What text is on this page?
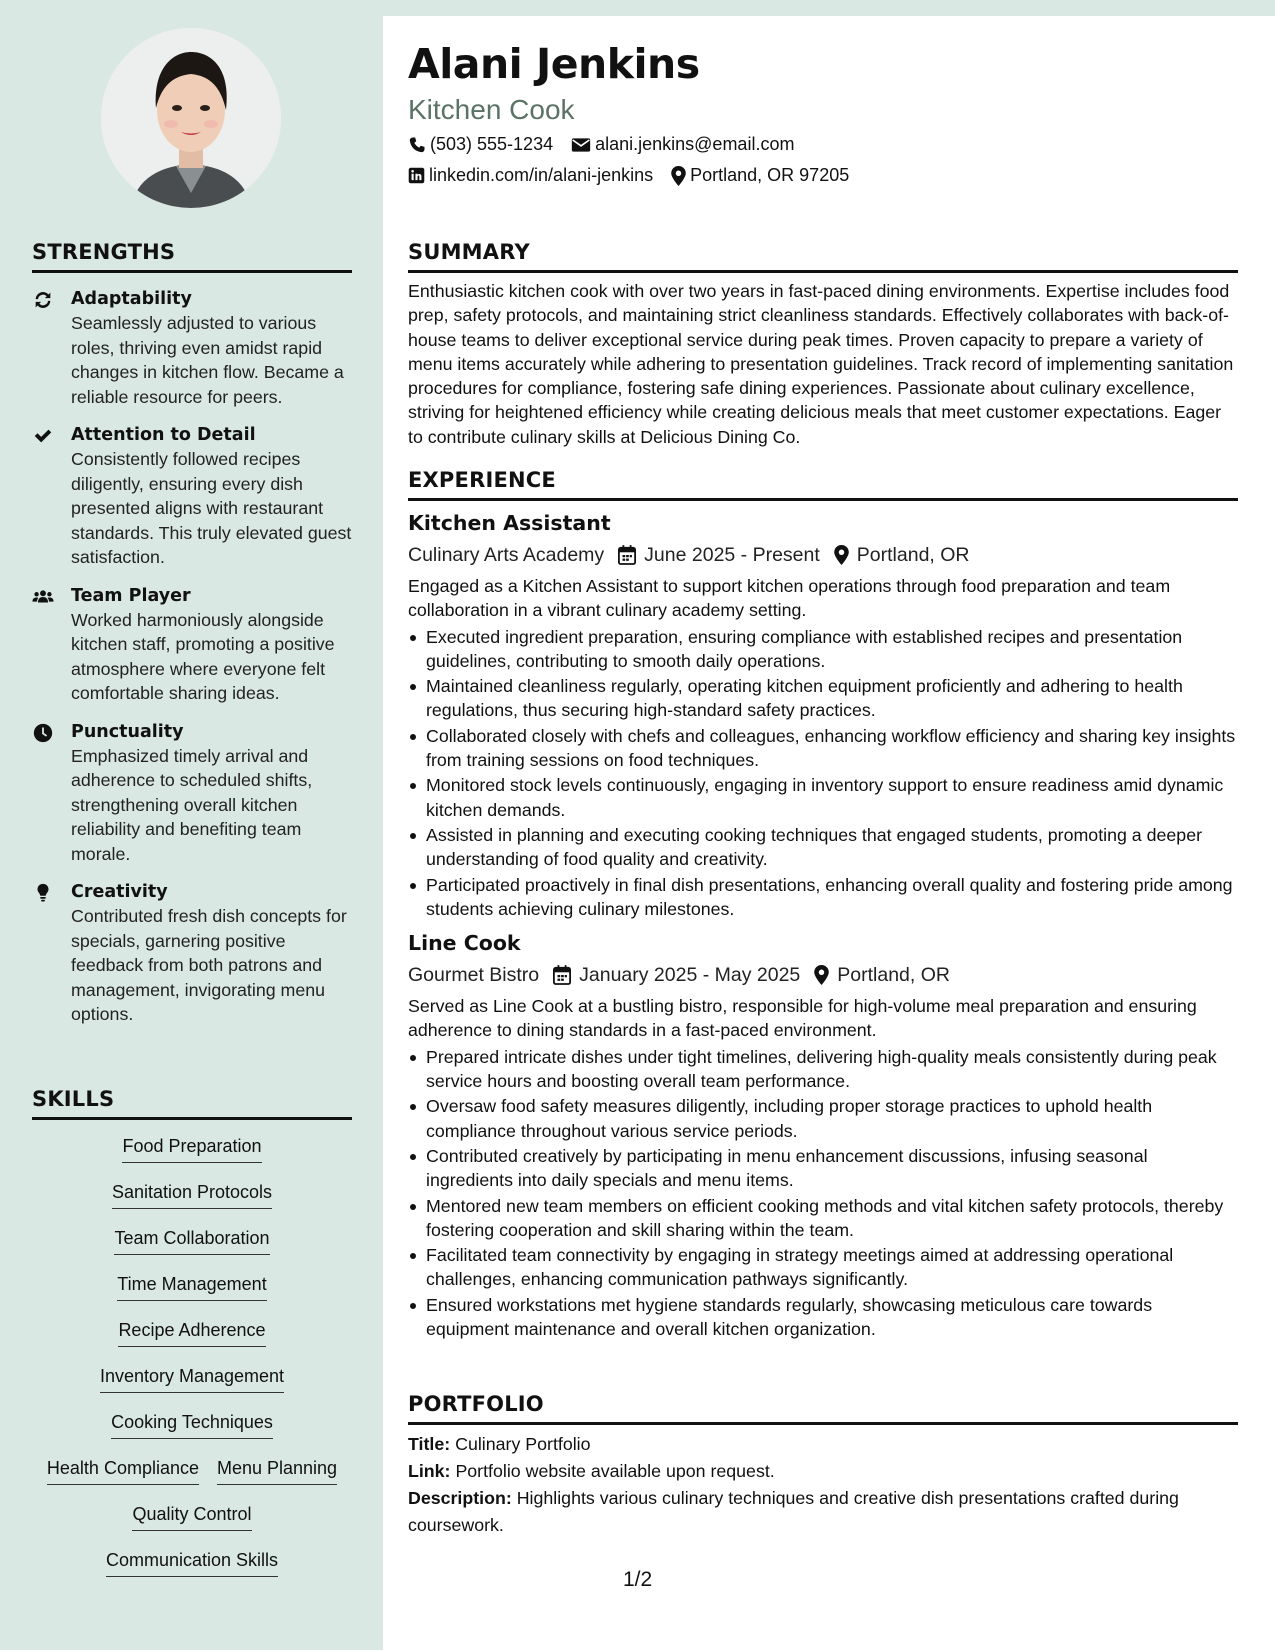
STRENGTHS
Adaptability
Seamlessly adjusted to various roles, thriving even amidst rapid changes in kitchen flow. Became a reliable resource for peers.
Attention to Detail
Consistently followed recipes diligently, ensuring every dish presented aligns with restaurant standards. This truly elevated guest satisfaction.
Team Player
Worked harmoniously alongside kitchen staff, promoting a positive atmosphere where everyone felt comfortable sharing ideas.
Punctuality
Emphasized timely arrival and adherence to scheduled shifts, strengthening overall kitchen reliability and benefiting team morale.
Creativity
Contributed fresh dish concepts for specials, garnering positive feedback from both patrons and management, invigorating menu options.
SKILLS
Food Preparation
Sanitation Protocols
Team Collaboration
Time Management
Recipe Adherence
Inventory Management
Cooking Techniques
Health Compliance Menu Planning
Quality Control
Communication Skills
Alani Jenkins
Kitchen Cook
(503) 555-1234 alani.jenkins@email.com
linkedin.com/in/alani-jenkins Portland, OR 97205
SUMMARY

Enthusiastic kitchen cook with over two years in fast-paced dining environments. Expertise includes food prep, safety protocols, and maintaining strict cleanliness standards. Effectively collaborates with back-of-house teams to deliver exceptional service during peak times. Proven capacity to prepare a variety of menu items accurately while adhering to presentation guidelines. Track record of implementing sanitation procedures for compliance, fostering safe dining experiences. Passionate about culinary excellence, striving for heightened efficiency while creating delicious meals that meet customer expectations. Eager to contribute culinary skills at Delicious Dining Co.

EXPERIENCE
Kitchen Assistant
Culinary Arts Academy June 2025 - Present Portland, OR

Engaged as a Kitchen Assistant to support kitchen operations through food preparation and team collaboration in a vibrant culinary academy setting.

Executed ingredient preparation, ensuring compliance with established recipes and presentation guidelines, contributing to smooth daily operations.
Maintained cleanliness regularly, operating kitchen equipment proficiently and adhering to health regulations, thus securing high-standard safety practices.
Collaborated closely with chefs and colleagues, enhancing workflow efficiency and sharing key insights from training sessions on food techniques.
Monitored stock levels continuously, engaging in inventory support to ensure readiness amid dynamic kitchen demands.
Assisted in planning and executing cooking techniques that engaged students, promoting a deeper understanding of food quality and creativity.
Participated proactively in final dish presentations, enhancing overall quality and fostering pride among students achieving culinary milestones.
Line Cook
Gourmet Bistro January 2025 - May 2025 Portland, OR

Served as Line Cook at a bustling bistro, responsible for high-volume meal preparation and ensuring adherence to dining standards in a fast-paced environment.

Prepared intricate dishes under tight timelines, delivering high-quality meals consistently during peak service hours and boosting overall team performance.
Oversaw food safety measures diligently, including proper storage practices to uphold health compliance throughout various service periods.
Contributed creatively by participating in menu enhancement discussions, infusing seasonal ingredients into daily specials and menu items.
Mentored new team members on efficient cooking methods and vital kitchen safety protocols, thereby fostering cooperation and skill sharing within the team.
Facilitated team connectivity by engaging in strategy meetings aimed at addressing operational challenges, enhancing communication pathways significantly.
Ensured workstations met hygiene standards regularly, showcasing meticulous care towards equipment maintenance and overall kitchen organization.
PORTFOLIO
Title: Culinary Portfolio
Link: Portfolio website available upon request.
Description: Highlights various culinary techniques and creative dish presentations crafted during coursework.
1/2
